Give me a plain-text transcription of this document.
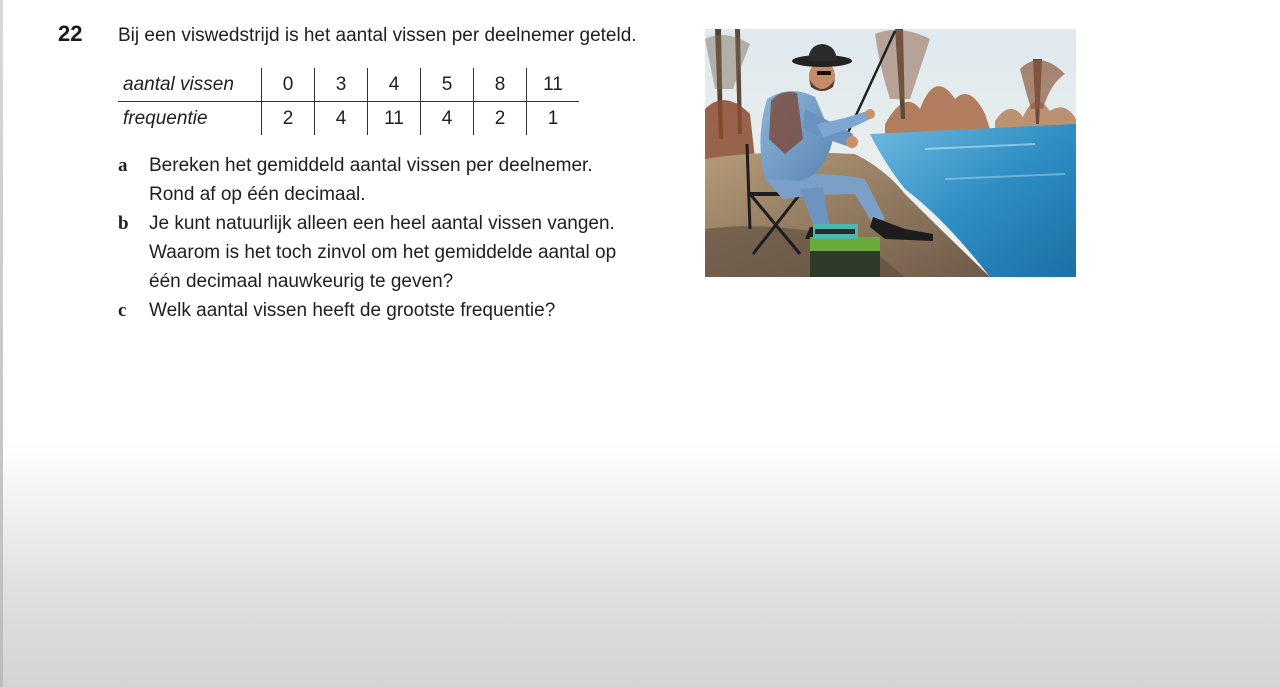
22 Bij een viswedstrijd is het aantal vissen per deelnemer geteld.
aantal vissen	0	3	4	5	8	11
frequentie	2	4	11	4	2	1
a Bereken het gemiddeld aantal vissen per deelnemer.
Rond af op één decimaal.
b Je kunt natuurlijk alleen een heel aantal vissen vangen.
Waarom is het toch zinvol om het gemiddelde aantal op
één decimaal nauwkeurig te geven?
c Welk aantal vissen heeft de grootste frequentie?
